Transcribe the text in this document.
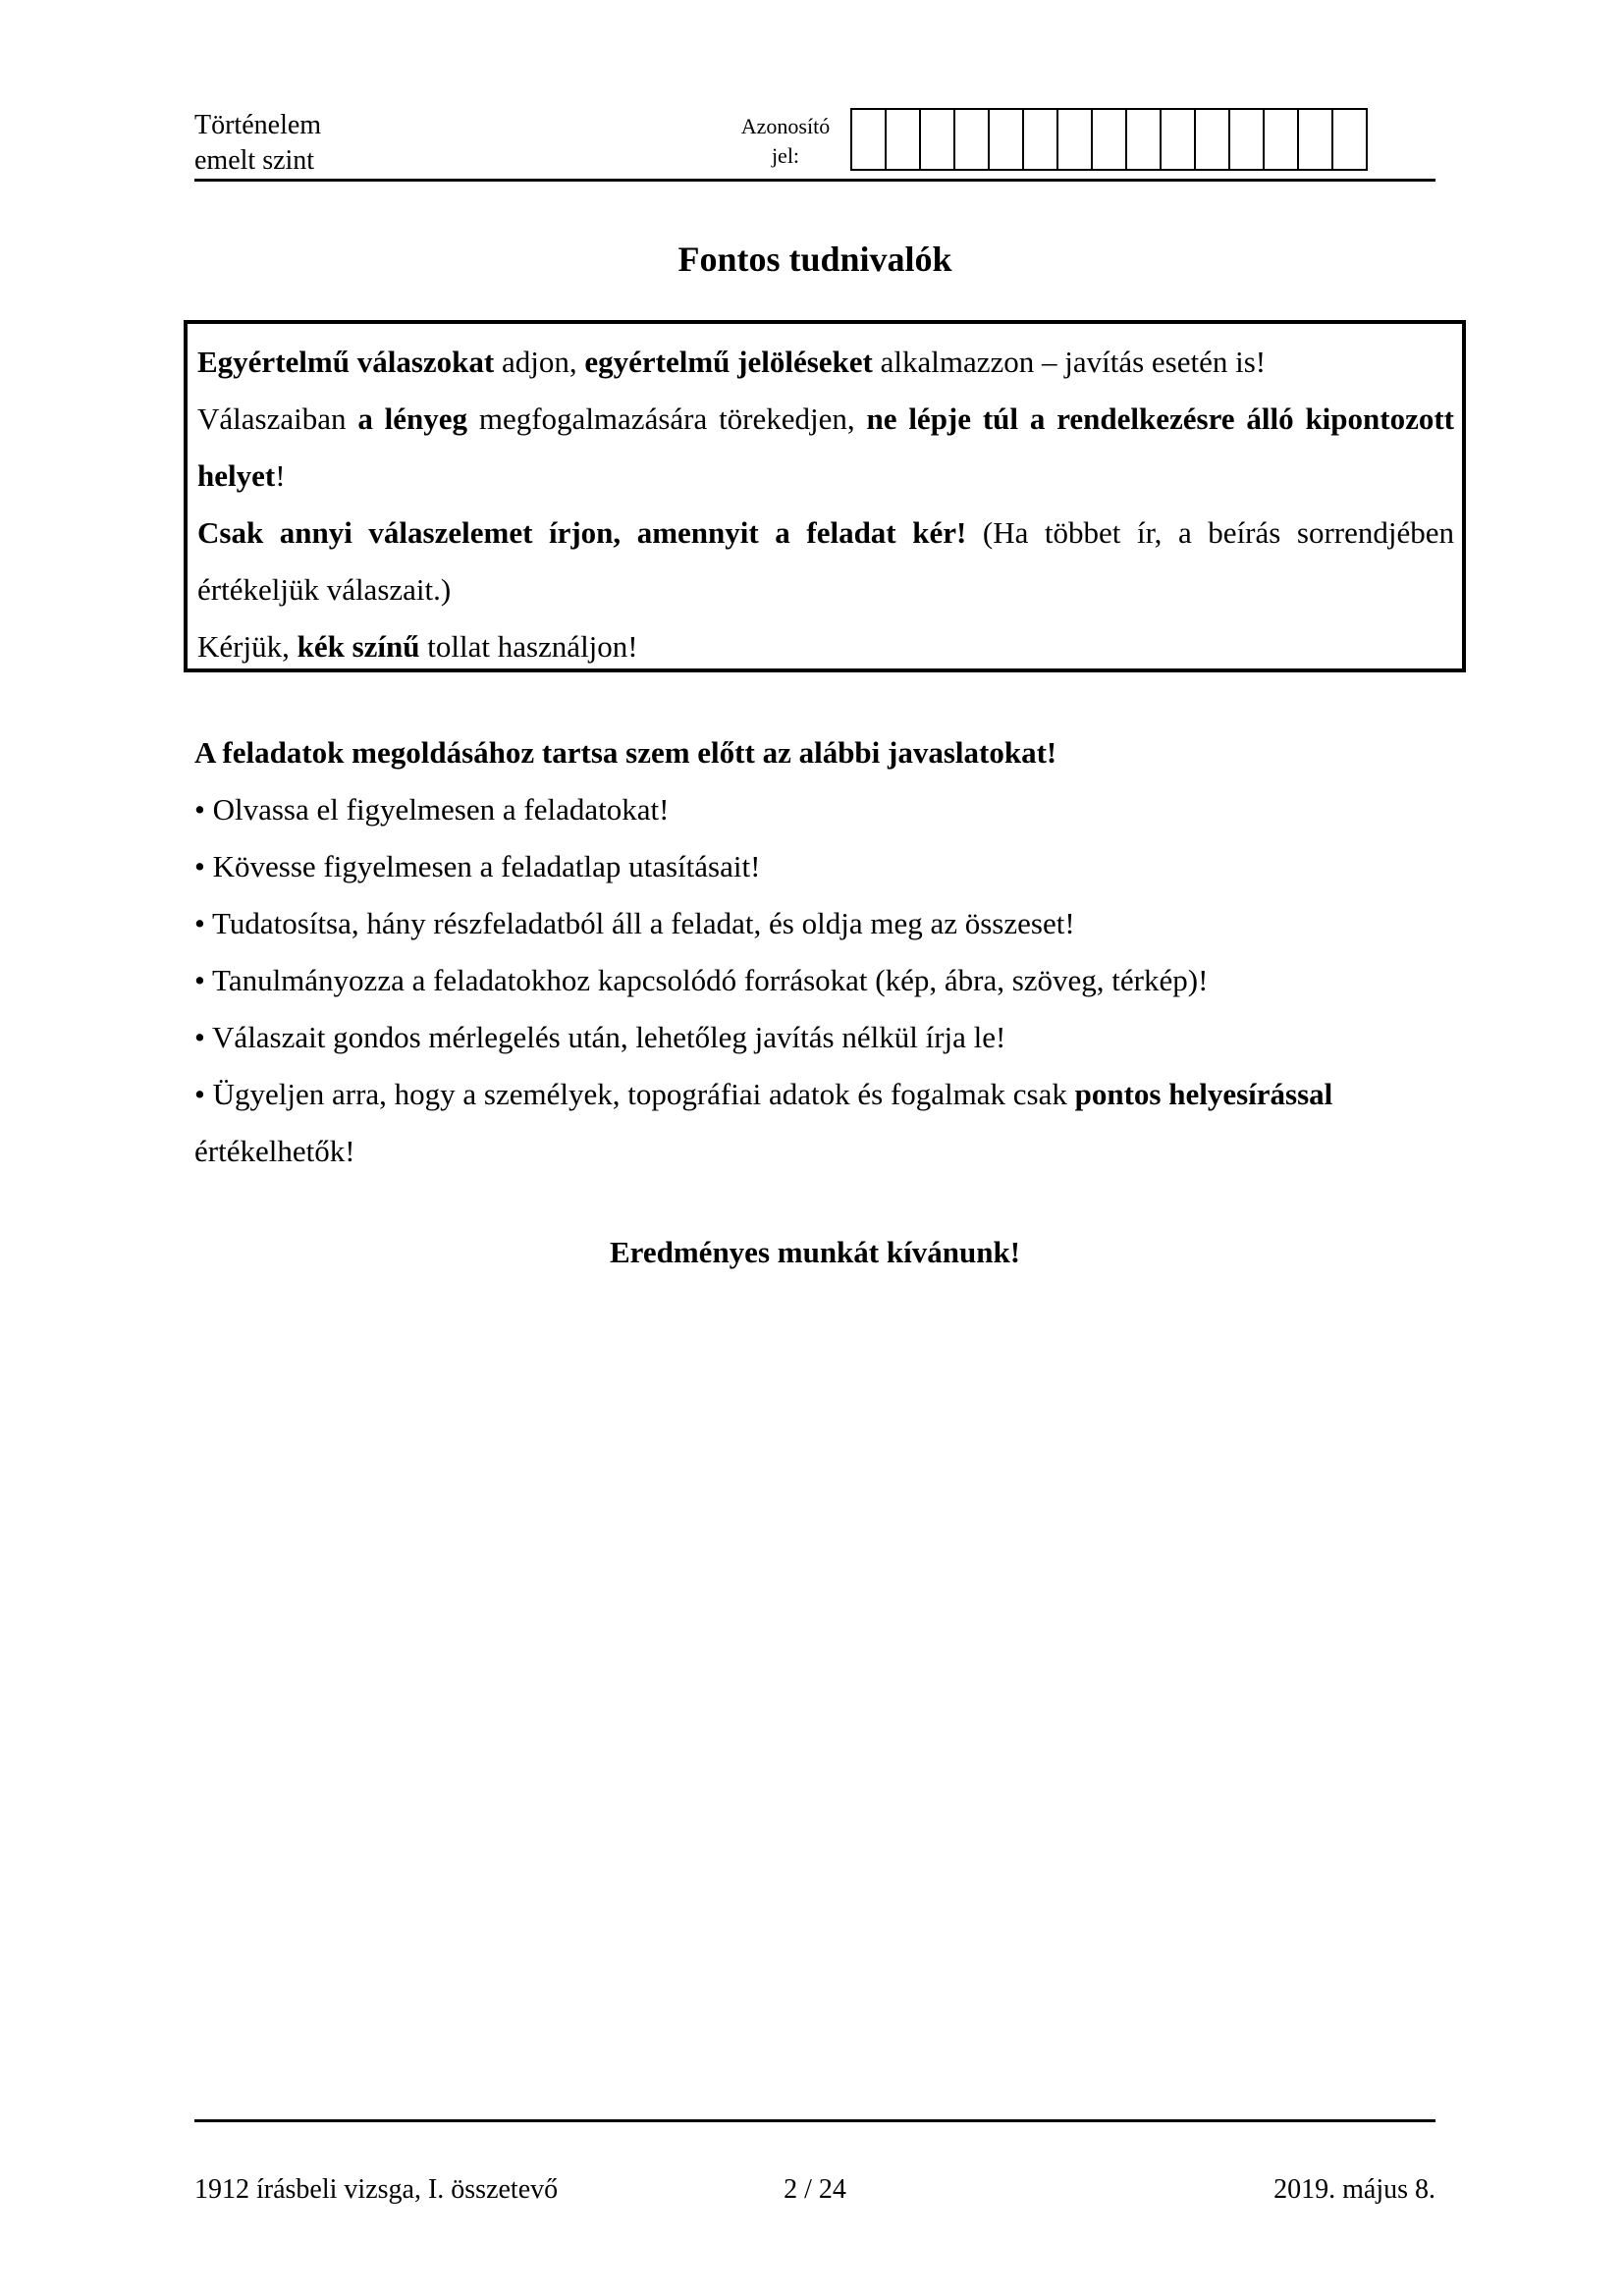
Történelem
emelt szint
Azonosító
jel:
Fontos tudnivalók

Egyértelmű válaszokat adjon, egyértelmű jelöléseket alkalmazzon – javítás esetén is!

Válaszaiban a lényeg megfogalmazására törekedjen, ne lépje túl a rendelkezésre álló kipontozott helyet!

Csak annyi válaszelemet írjon, amennyit a feladat kér! (Ha többet ír, a beírás sorrendjében értékeljük válaszait.)

Kérjük, kék színű tollat használjon!

A feladatok megoldásához tartsa szem előtt az alábbi javaslatokat!

• Olvassa el figyelmesen a feladatokat!

• Kövesse figyelmesen a feladatlap utasításait!

• Tudatosítsa, hány részfeladatból áll a feladat, és oldja meg az összeset!

• Tanulmányozza a feladatokhoz kapcsolódó forrásokat (kép, ábra, szöveg, térkép)!

• Válaszait gondos mérlegelés után, lehetőleg javítás nélkül írja le!

• Ügyeljen arra, hogy a személyek, topográfiai adatok és fogalmak csak pontos helyesírással értékelhetők!

Eredményes munkát kívánunk!
1912 írásbeli vizsga, I. összetevő	2 / 24	2019. május 8.
